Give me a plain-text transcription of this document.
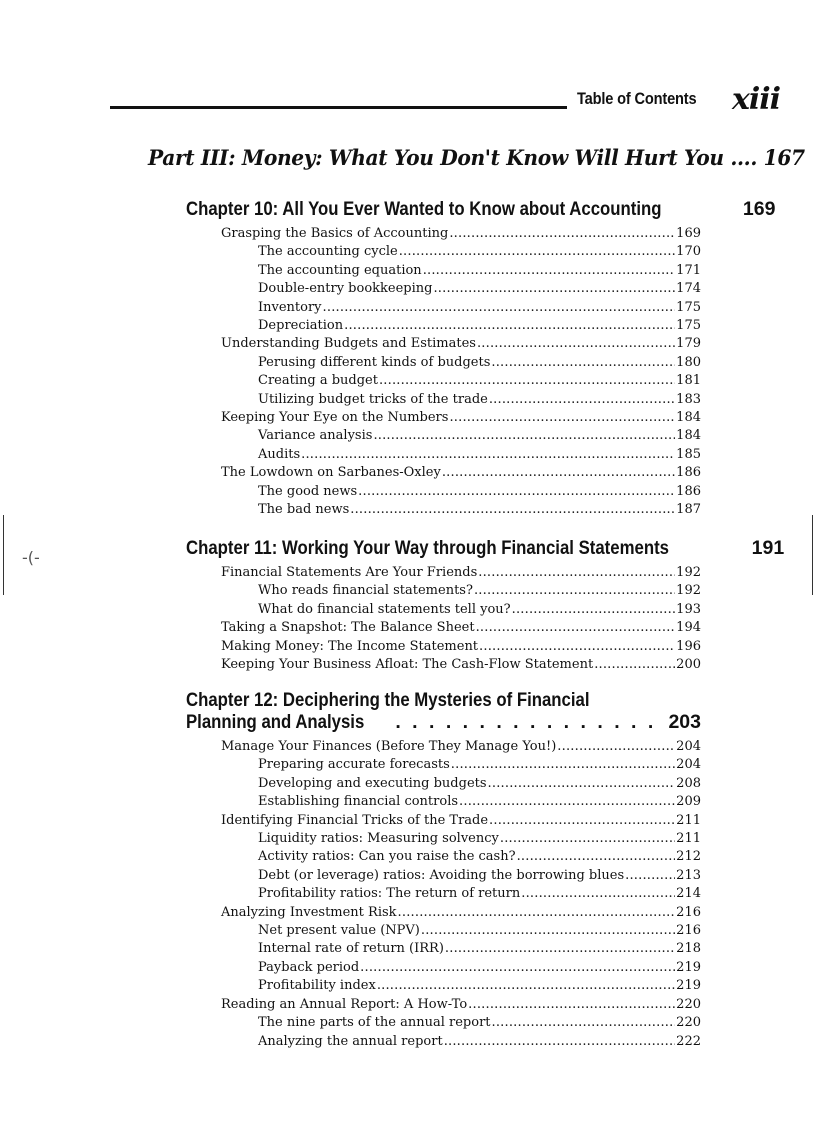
Table of Contents xiii
Part III: Money: What You Don't Know Will Hurt You .... 167
Chapter 10: All You Ever Wanted to Know about Accounting	169
Grasping the Basics of Accounting .....	169
The accounting cycle .....	170
The accounting equation .....	171
Double-entry bookkeeping .....	174
Inventory .....	175
Depreciation .....	175
Understanding Budgets and Estimates .....	179
Perusing different kinds of budgets .....	180
Creating a budget .....	181
Utilizing budget tricks of the trade .....	183
Keeping Your Eye on the Numbers .....	184
Variance analysis .....	184
Audits .....	185
The Lowdown on Sarbanes-Oxley .....	186
The good news .....	186
The bad news .....	187
Chapter 11: Working Your Way through Financial Statements	191
Financial Statements Are Your Friends .....	192
Who reads financial statements? .....	192
What do financial statements tell you? .....	193
Taking a Snapshot: The Balance Sheet .....	194
Making Money: The Income Statement .....	196
Keeping Your Business Afloat: The Cash-Flow Statement .....	200
Chapter 12: Deciphering the Mysteries of Financial
Planning and Analysis . . .	203
Manage Your Finances (Before They Manage You!) .....	204
Preparing accurate forecasts .....	204
Developing and executing budgets .....	208
Establishing financial controls .....	209
Identifying Financial Tricks of the Trade .....	211
Liquidity ratios: Measuring solvency .....	211
Activity ratios: Can you raise the cash? .....	212
Debt (or leverage) ratios: Avoiding the borrowing blues .....	213
Profitability ratios: The return of return .....	214
Analyzing Investment Risk .....	216
Net present value (NPV) .....	216
Internal rate of return (IRR) .....	218
Payback period .....	219
Profitability index .....	219
Reading an Annual Report: A How-To .....	220
The nine parts of the annual report .....	220
Analyzing the annual report .....	222
-(-
